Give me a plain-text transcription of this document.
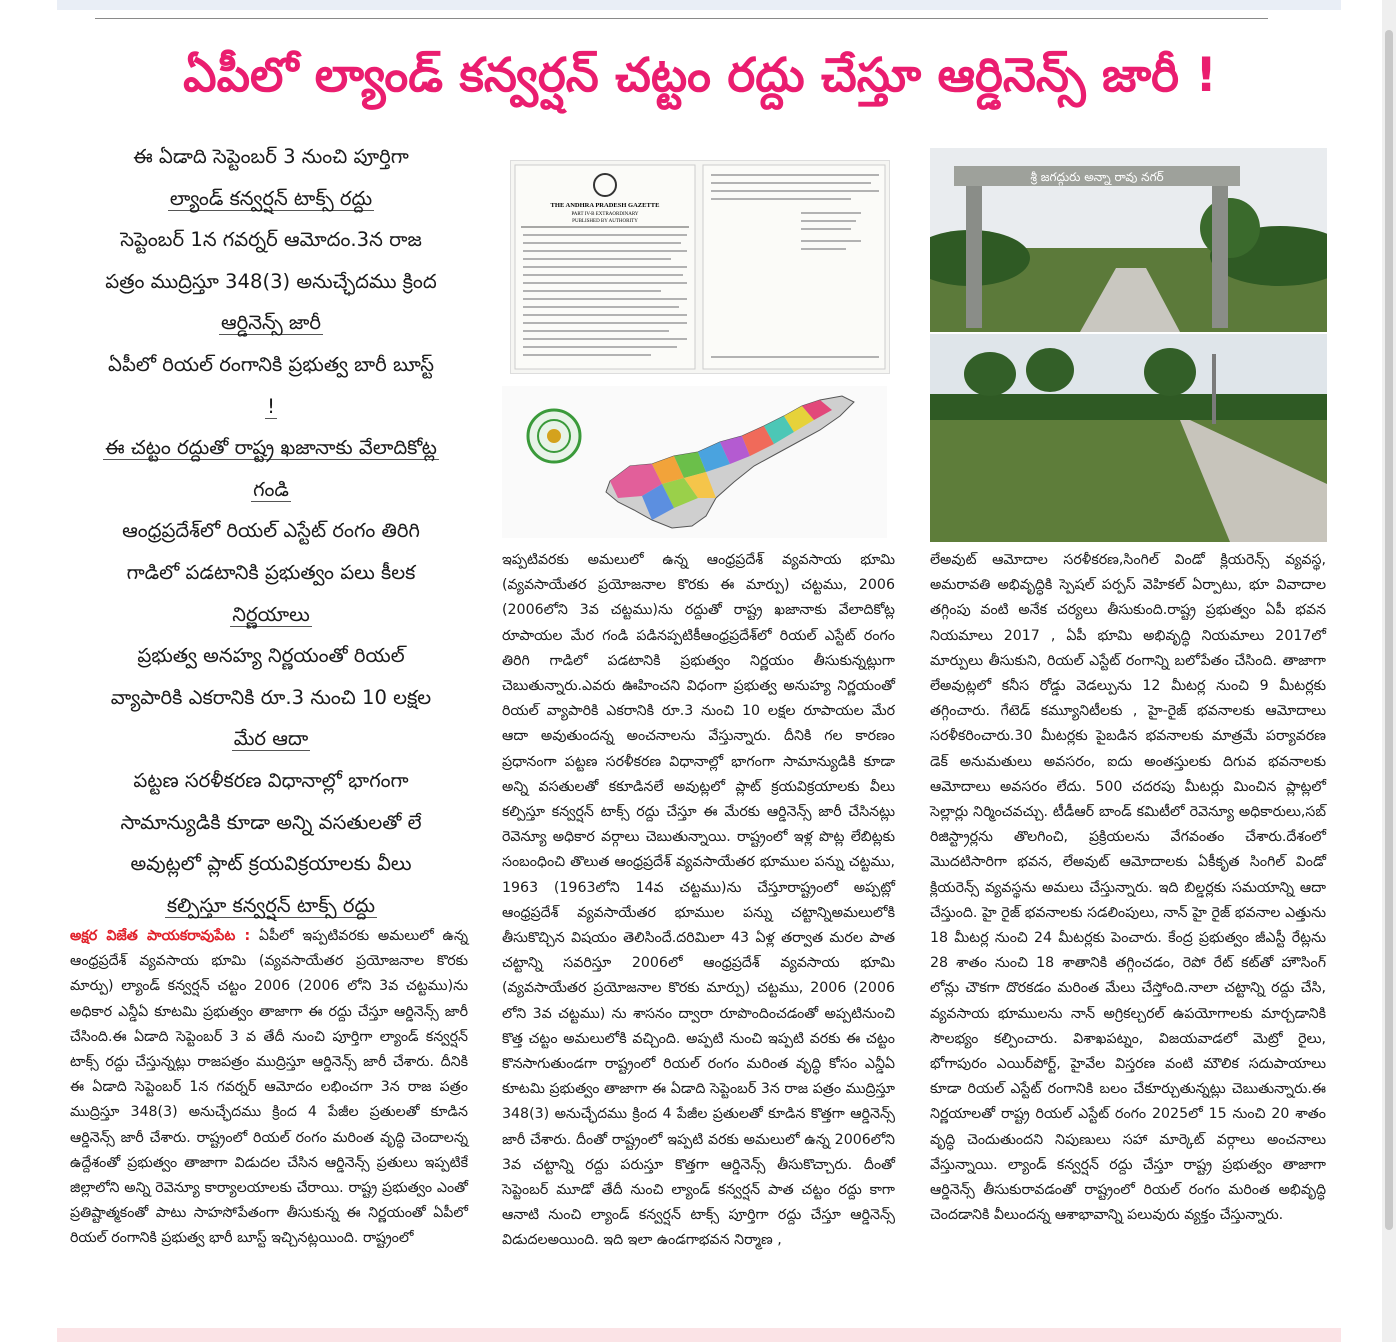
ఏపీలో ల్యాండ్ కన్వర్షన్ చట్టం రద్దు చేస్తూ ఆర్డినెన్స్ జారీ !

ఈ ఏడాది సెప్టెంబర్ 3 నుంచి పూర్తిగా

ల్యాండ్ కన్వర్షన్ టాక్స్ రద్దు

సెప్టెంబర్ 1న గవర్నర్ ఆమోదం.3న రాజ

పత్రం ముద్రిస్తూ 348(3) అనుచ్ఛేదము క్రింద

ఆర్డినెన్స్ జారీ

ఏపీలో రియల్ రంగానికి ప్రభుత్వ బారీ బూస్ట్

!

ఈ చట్టం రద్దుతో రాష్ట్ర ఖజానాకు వేలాదికోట్ల

గండి

ఆంధ్రప్రదేశ్‌లో రియల్ ఎస్టేట్ రంగం తిరిగి

గాడిలో పడటానికి ప్రభుత్వం పలు కీలక

నిర్ణయాలు

ప్రభుత్వ అనహ్య నిర్ణయంతో రియల్

వ్యాపారికి ఎకరానికి రూ.3 నుంచి 10 లక్షల

మేర ఆదా

పట్టణ సరళీకరణ విధానాల్లో భాగంగా

సామాన్యుడికి కూడా అన్ని వసతులతో లే

అవుట్లలో ప్లాట్ క్రయవిక్రయాలకు వీలు

కల్పిస్తూ కన్వర్షన్ టాక్స్ రద్దు

అక్షర విజేత పాయకరావుపేట : ఏపీలో ఇప్పటివరకు అమలులో ఉన్న ఆంధ్రప్రదేశ్ వ్యవసాయ భూమి (వ్యవసాయేతర ప్రయోజనాల కొరకు మార్పు) ల్యాండ్ కన్వర్షన్ చట్టం 2006 (2006 లోని 3వ చట్టము)ను అధికార ఎన్డీఏ కూటమి ప్రభుత్వం తాజాగా ఈ రద్దు చేస్తూ ఆర్డినెన్స్ జారీ చేసింది.ఈ ఏడాది సెప్టెంబర్ 3 వ తేదీ నుంచి పూర్తిగా ల్యాండ్ కన్వర్షన్ టాక్స్ రద్దు చేస్తున్నట్లు రాజపత్రం ముద్రిస్తూ ఆర్డినెన్స్ జారీ చేశారు. దీనికి ఈ ఏడాది సెప్టెంబర్ 1న గవర్నర్ ఆమోదం లభించగా 3న రాజ పత్రం ముద్రిస్తూ 348(3) అనుచ్ఛేదము క్రింద 4 పేజీల ప్రతులతో కూడిన ఆర్డినెన్స్ జారీ చేశారు. రాష్ట్రంలో రియల్ రంగం మరింత వృద్ధి చెందాలన్న ఉద్దేశంతో ప్రభుత్వం తాజాగా విడుదల చేసిన ఆర్డినెన్స్ ప్రతులు ఇప్పటికే జిల్లాలోని అన్ని రెవెన్యూ కార్యాలయాలకు చేరాయి. రాష్ట్ర ప్రభుత్వం ఎంతో ప్రతిష్టాత్మకంతో పాటు సాహసోపేతంగా తీసుకున్న ఈ నిర్ణయంతో ఏపీలో రియల్ రంగానికి ప్రభుత్వ భారీ బూస్ట్ ఇచ్చినట్లయింది. రాష్ట్రంలో
THE ANDHRA PRADESH GAZETTE
PART IV-B EXTRAORDINARY
PUBLISHED BY AUTHORITY
శ్రీ జగద్గురు అన్నా రావు నగర్
ఇప్పటివరకు అమలులో ఉన్న ఆంధ్రప్రదేశ్ వ్యవసాయ భూమి (వ్యవసాయేతర ప్రయోజనాల కొరకు ఈ మార్పు) చట్టము, 2006 (2006లోని 3వ చట్టము)ను రద్దుతో రాష్ట్ర ఖజానాకు వేలాదికోట్ల రూపాయల మేర గండి పడినప్పటికీఆంధ్రప్రదేశ్‌లో రియల్ ఎస్టేట్ రంగం తిరిగి గాడిలో పడటానికి ప్రభుత్వం నిర్ణయం తీసుకున్నట్లుగా చెబుతున్నారు.ఎవరు ఊహించని విధంగా ప్రభుత్వ అనుహ్య నిర్ణయంతో రియల్ వ్యాపారికి ఎకరానికి రూ.3 నుంచి 10 లక్షల రూపాయల మేర ఆదా అవుతుందన్న అంచనాలను వేస్తున్నారు. దీనికి గల కారణం ప్రధానంగా పట్టణ సరళీకరణ విధానాల్లో భాగంగా సామాన్యుడికి కూడా అన్ని వసతులతో కకూడినలే అవుట్లలో ప్లాట్ క్రయవిక్రయాలకు వీలు కల్పిస్తూ కన్వర్షన్ టాక్స్ రద్దు చేస్తూ ఈ మేరకు ఆర్డినెన్స్ జారీ చేసినట్లు రెవెన్యూ అధికార వర్గాలు చెబుతున్నాయి. రాష్ట్రంలో ఇళ్ల పొట్ల లేబిట్లకు సంబంధించి తొలుత ఆంధ్రప్రదేశ్ వ్యవసాయేతర భూముల పన్ను చట్టము, 1963 (1963లోని 14వ చట్టము)ను చేస్తూరాష్ట్రంలో అప్పట్లో ఆంధ్రప్రదేశ్ వ్యవసాయేతర భూముల పన్ను చట్టాన్నిఅమలులోకి తీసుకొచ్చిన విషయం తెలిసిందే.దరిమిలా 43 ఏళ్ల తర్వాత మరల పాత చట్టాన్ని సవరిస్తూ 2006లో ఆంధ్రప్రదేశ్ వ్యవసాయ భూమి (వ్యవసాయేతర ప్రయోజనాల కొరకు మార్పు) చట్టము, 2006 (2006 లోని 3వ చట్టము) ను శాసనం ద్వారా రూపొందించడంతో అప్పటినుంచి కొత్త చట్టం అమలులోకి వచ్చింది. అప్పటి నుంచి ఇప్పటి వరకు ఈ చట్టం కొనసాగుతుండగా రాష్ట్రంలో రియల్ రంగం మరింత వృద్ధి కోసం ఎన్డీఏ కూటమి ప్రభుత్వం తాజాగా ఈ ఏడాది సెప్టెంబర్ 3న రాజ పత్రం ముద్రిస్తూ 348(3) అనుచ్ఛేదము క్రింద 4 పేజీల ప్రతులతో కూడిన కొత్తగా ఆర్డినెన్స్ జారీ చేశారు. దీంతో రాష్ట్రంలో ఇప్పటి వరకు అమలులో ఉన్న 2006లోని 3వ చట్టాన్ని రద్దు పరుస్తూ కొత్తగా ఆర్డినెన్స్ తీసుకొచ్చారు. దీంతో సెప్టెంబర్ మూడో తేదీ నుంచి ల్యాండ్ కన్వర్షన్ పాత చట్టం రద్దు కాగా ఆనాటి నుంచి ల్యాండ్ కన్వర్షన్ టాక్స్ పూర్తిగా రద్దు చేస్తూ ఆర్డినెన్స్ విడుదలఅయింది. ఇది ఇలా ఉండగాభవన నిర్మాణ ,
లేఅవుట్ ఆమోదాల సరళీకరణ,సింగిల్ విండో క్లియరెన్స్ వ్యవస్థ, అమరావతి అభివృద్ధికి స్పెషల్ పర్పస్ వెహికల్ ఏర్పాటు, భూ వివాదాల తగ్గింపు వంటి అనేక చర్యలు తీసుకుంది.రాష్ట్ర ప్రభుత్వం ఏపీ భవన నియమాలు 2017 , ఏపీ భూమి అభివృద్ధి నియమాలు 2017లో మార్పులు తీసుకుని, రియల్ ఎస్టేట్ రంగాన్ని బలోపేతం చేసింది. తాజాగా లేఅవుట్లలో కనీస రోడ్డు వెడల్పును 12 మీటర్ల నుంచి 9 మీటర్లకు తగ్గించారు. గేటెడ్ కమ్యూనిటీలకు , హై-రైజ్ భవనాలకు ఆమోదాలు సరళీకరించారు.30 మీటర్లకు పైబడిన భవనాలకు మాత్రమే పర్యావరణ డెక్ అనుమతులు అవసరం, ఐదు అంతస్తులకు దిగువ భవనాలకు ఆమోదాలు అవసరం లేదు. 500 చదరపు మీటర్లు మించిన ప్లాట్లలో సెల్లార్లు నిర్మించవచ్చు. టీడీఆర్ బాండ్ కమిటీలో రెవెన్యూ అధికారులు,సబ్ రిజిస్ట్రార్లను తొలగించి, ప్రక్రియలను వేగవంతం చేశారు.దేశంలో మొదటిసారిగా భవన, లేఅవుట్ ఆమోదాలకు ఏకీకృత సింగిల్ విండో క్లియరెన్స్ వ్యవస్థను అమలు చేస్తున్నారు. ఇది బిల్డర్లకు సమయాన్ని ఆదా చేస్తుంది. హై రైజ్ భవనాలకు సడలింపులు, నాన్ హై రైజ్ భవనాల ఎత్తును 18 మీటర్ల నుంచి 24 మీటర్లకు పెంచారు. కేంద్ర ప్రభుత్వం జీఎస్టీ రేట్లను 28 శాతం నుంచి 18 శాతానికి తగ్గించడం, రెపో రేట్ కట్‌తో హౌసింగ్ లోన్లు చౌకగా దొరకడం మరింత మేలు చేస్తోంది.నాలా చట్టాన్ని రద్దు చేసి, వ్యవసాయ భూములను నాన్ అగ్రికల్చరల్ ఉపయోగాలకు మార్చడానికి సౌలభ్యం కల్పించారు. విశాఖపట్నం, విజయవాడలో మెట్రో రైలు, భోగాపురం ఎయిర్‌పోర్ట్, హైవేల విస్తరణ వంటి మౌలిక సదుపాయాలు కూడా రియల్ ఎస్టేట్ రంగానికి బలం చేకూర్చుతున్నట్లు చెబుతున్నారు.ఈ నిర్ణయాలతో రాష్ట్ర రియల్ ఎస్టేట్ రంగం 2025లో 15 నుంచి 20 శాతం వృద్ధి చెందుతుందని నిపుణులు సహా మార్కెట్ వర్గాలు అంచనాలు వేస్తున్నాయి. ల్యాండ్ కన్వర్షన్ రద్దు చేస్తూ రాష్ట్ర ప్రభుత్వం తాజాగా ఆర్డినెన్స్ తీసుకురావడంతో రాష్ట్రంలో రియల్ రంగం మరింత అభివృద్ధి చెందడానికి వీలుందన్న ఆశాభావాన్ని పలువురు వ్యక్తం చేస్తున్నారు.
